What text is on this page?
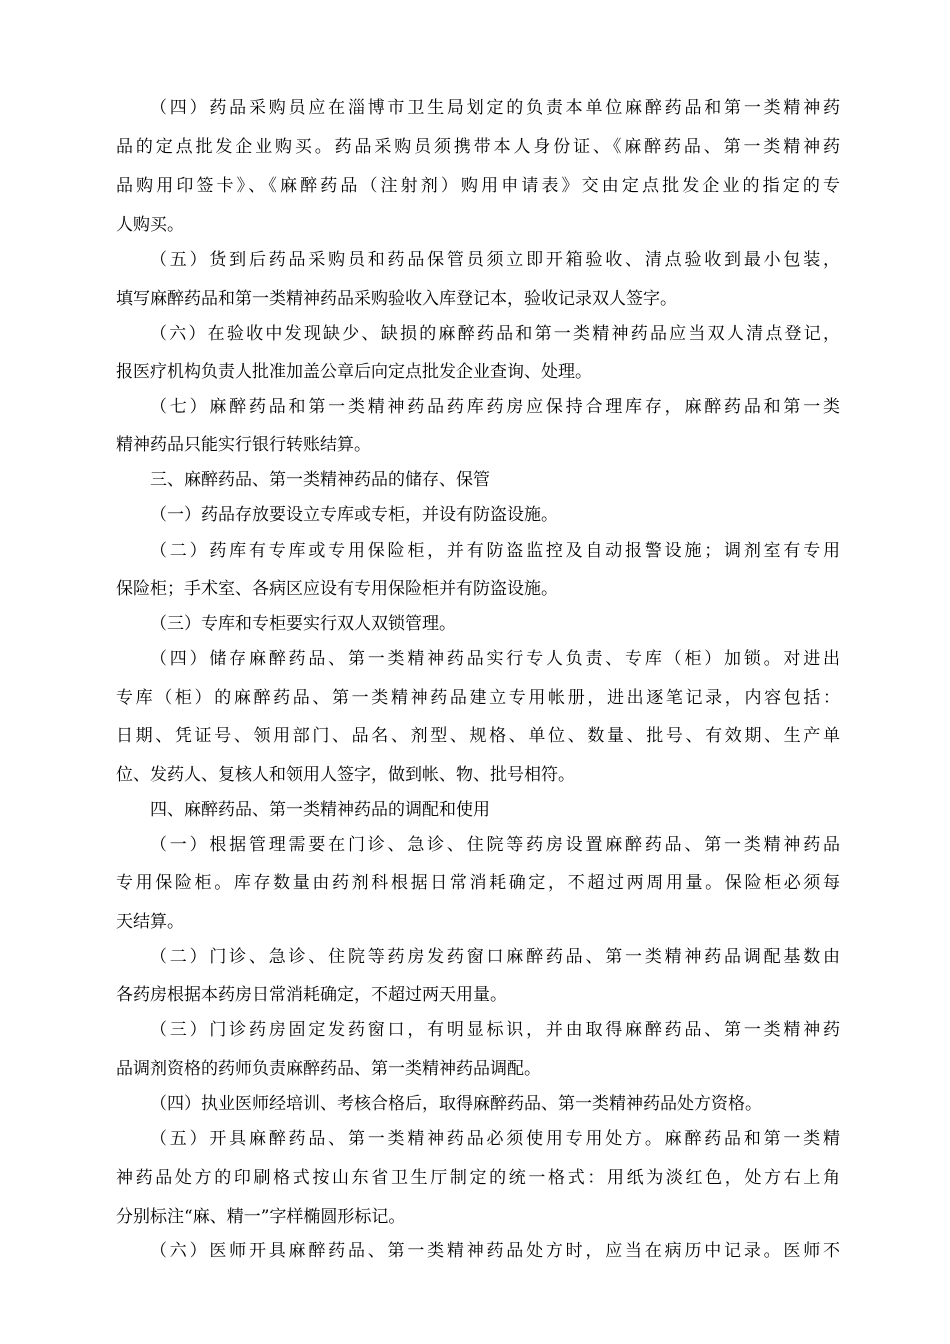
（四）药品采购员应在淄博市卫生局划定的负责本单位麻醉药品和第一类精神药
品的定点批发企业购买。药品采购员须携带本人身份证、《麻醉药品、第一类精神药
品购用印签卡》、《麻醉药品（注射剂）购用申请表》交由定点批发企业的指定的专
人购买。
（五）货到后药品采购员和药品保管员须立即开箱验收、清点验收到最小包装，
填写麻醉药品和第一类精神药品采购验收入库登记本，验收记录双人签字。
（六）在验收中发现缺少、缺损的麻醉药品和第一类精神药品应当双人清点登记，
报医疗机构负责人批准加盖公章后向定点批发企业查询、处理。
（七）麻醉药品和第一类精神药品药库药房应保持合理库存，麻醉药品和第一类
精神药品只能实行银行转账结算。
三、麻醉药品、第一类精神药品的储存、保管
（一）药品存放要设立专库或专柜，并设有防盗设施。
（二）药库有专库或专用保险柜，并有防盗监控及自动报警设施；调剂室有专用
保险柜；手术室、各病区应设有专用保险柜并有防盗设施。
（三）专库和专柜要实行双人双锁管理。
（四）储存麻醉药品、第一类精神药品实行专人负责、专库（柜）加锁。对进出
专库（柜）的麻醉药品、第一类精神药品建立专用帐册，进出逐笔记录，内容包括：
日期、凭证号、领用部门、品名、剂型、规格、单位、数量、批号、有效期、生产单
位、发药人、复核人和领用人签字，做到帐、物、批号相符。
四、麻醉药品、第一类精神药品的调配和使用
（一）根据管理需要在门诊、急诊、住院等药房设置麻醉药品、第一类精神药品
专用保险柜。库存数量由药剂科根据日常消耗确定，不超过两周用量。保险柜必须每
天结算。
（二）门诊、急诊、住院等药房发药窗口麻醉药品、第一类精神药品调配基数由
各药房根据本药房日常消耗确定，不超过两天用量。
（三）门诊药房固定发药窗口，有明显标识，并由取得麻醉药品、第一类精神药
品调剂资格的药师负责麻醉药品、第一类精神药品调配。
（四）执业医师经培训、考核合格后，取得麻醉药品、第一类精神药品处方资格。
（五）开具麻醉药品、第一类精神药品必须使用专用处方。麻醉药品和第一类精
神药品处方的印刷格式按山东省卫生厅制定的统一格式：用纸为淡红色，处方右上角
分别标注“麻、精一”字样椭圆形标记。
（六）医师开具麻醉药品、第一类精神药品处方时，应当在病历中记录。医师不
